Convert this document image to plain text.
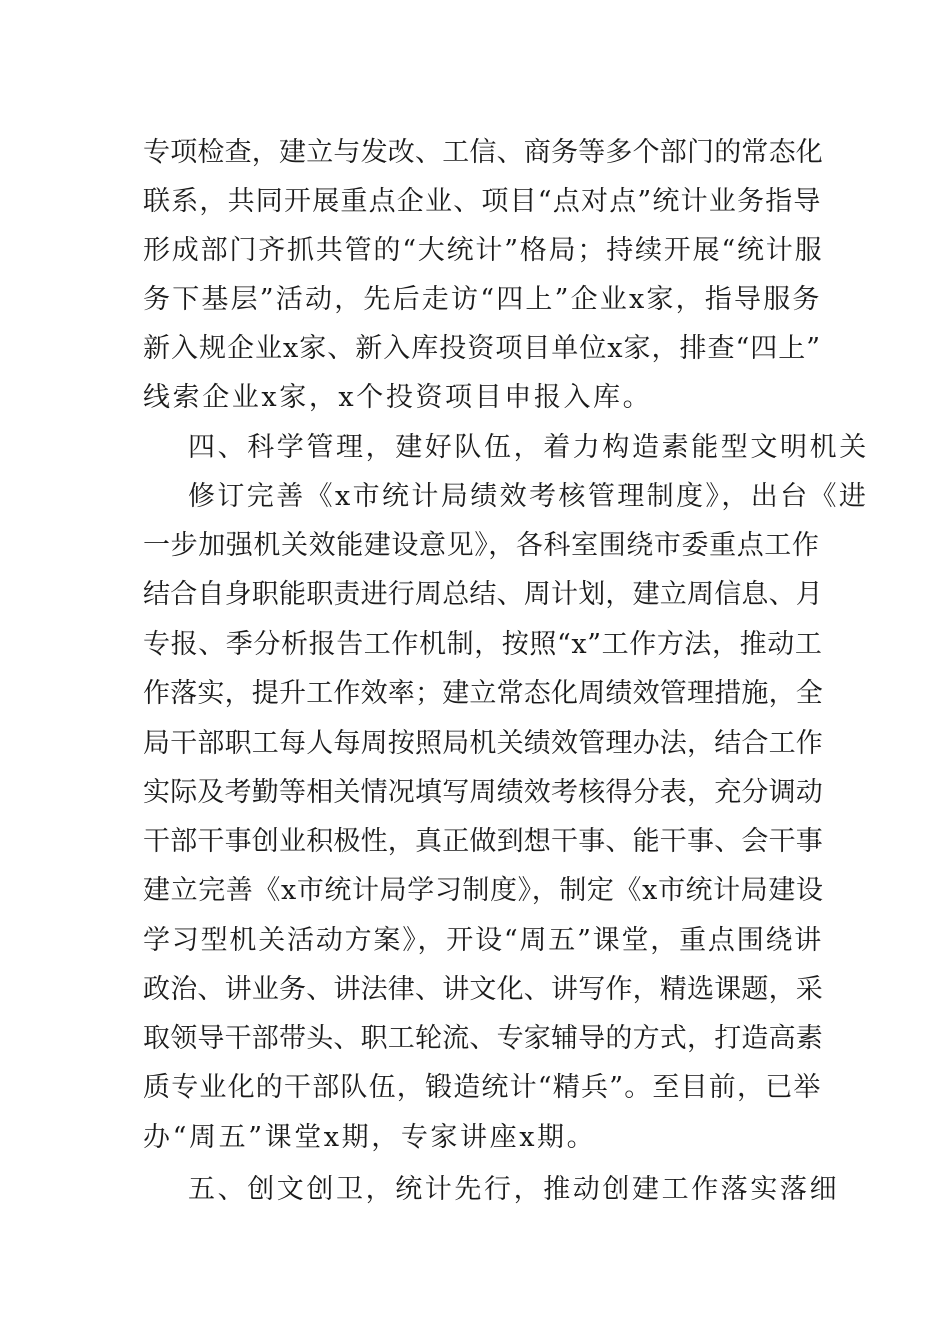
专项检查，建立与发改、工信、商务等多个部门的常态化
联系，共同开展重点企业、项目“点对点”统计业务指导
形成部门齐抓共管的“大统计”格局；持续开展“统计服
务下基层”活动，先后走访“四上”企业x家，指导服务
新入规企业x家、新入库投资项目单位x家，排查“四上”
线索企业x家，x个投资项目申报入库。
四、科学管理，建好队伍，着力构造素能型文明机关
修订完善《x市统计局绩效考核管理制度》，出台《进
一步加强机关效能建设意见》，各科室围绕市委重点工作
结合自身职能职责进行周总结、周计划，建立周信息、月
专报、季分析报告工作机制，按照“x”工作方法，推动工
作落实，提升工作效率；建立常态化周绩效管理措施，全
局干部职工每人每周按照局机关绩效管理办法，结合工作
实际及考勤等相关情况填写周绩效考核得分表，充分调动
干部干事创业积极性，真正做到想干事、能干事、会干事
建立完善《x市统计局学习制度》，制定《x市统计局建设
学习型机关活动方案》，开设“周五”课堂，重点围绕讲
政治、讲业务、讲法律、讲文化、讲写作，精选课题，采
取领导干部带头、职工轮流、专家辅导的方式，打造高素
质专业化的干部队伍，锻造统计“精兵”。至目前，已举
办“周五”课堂x期，专家讲座x期。
五、创文创卫，统计先行，推动创建工作落实落细
